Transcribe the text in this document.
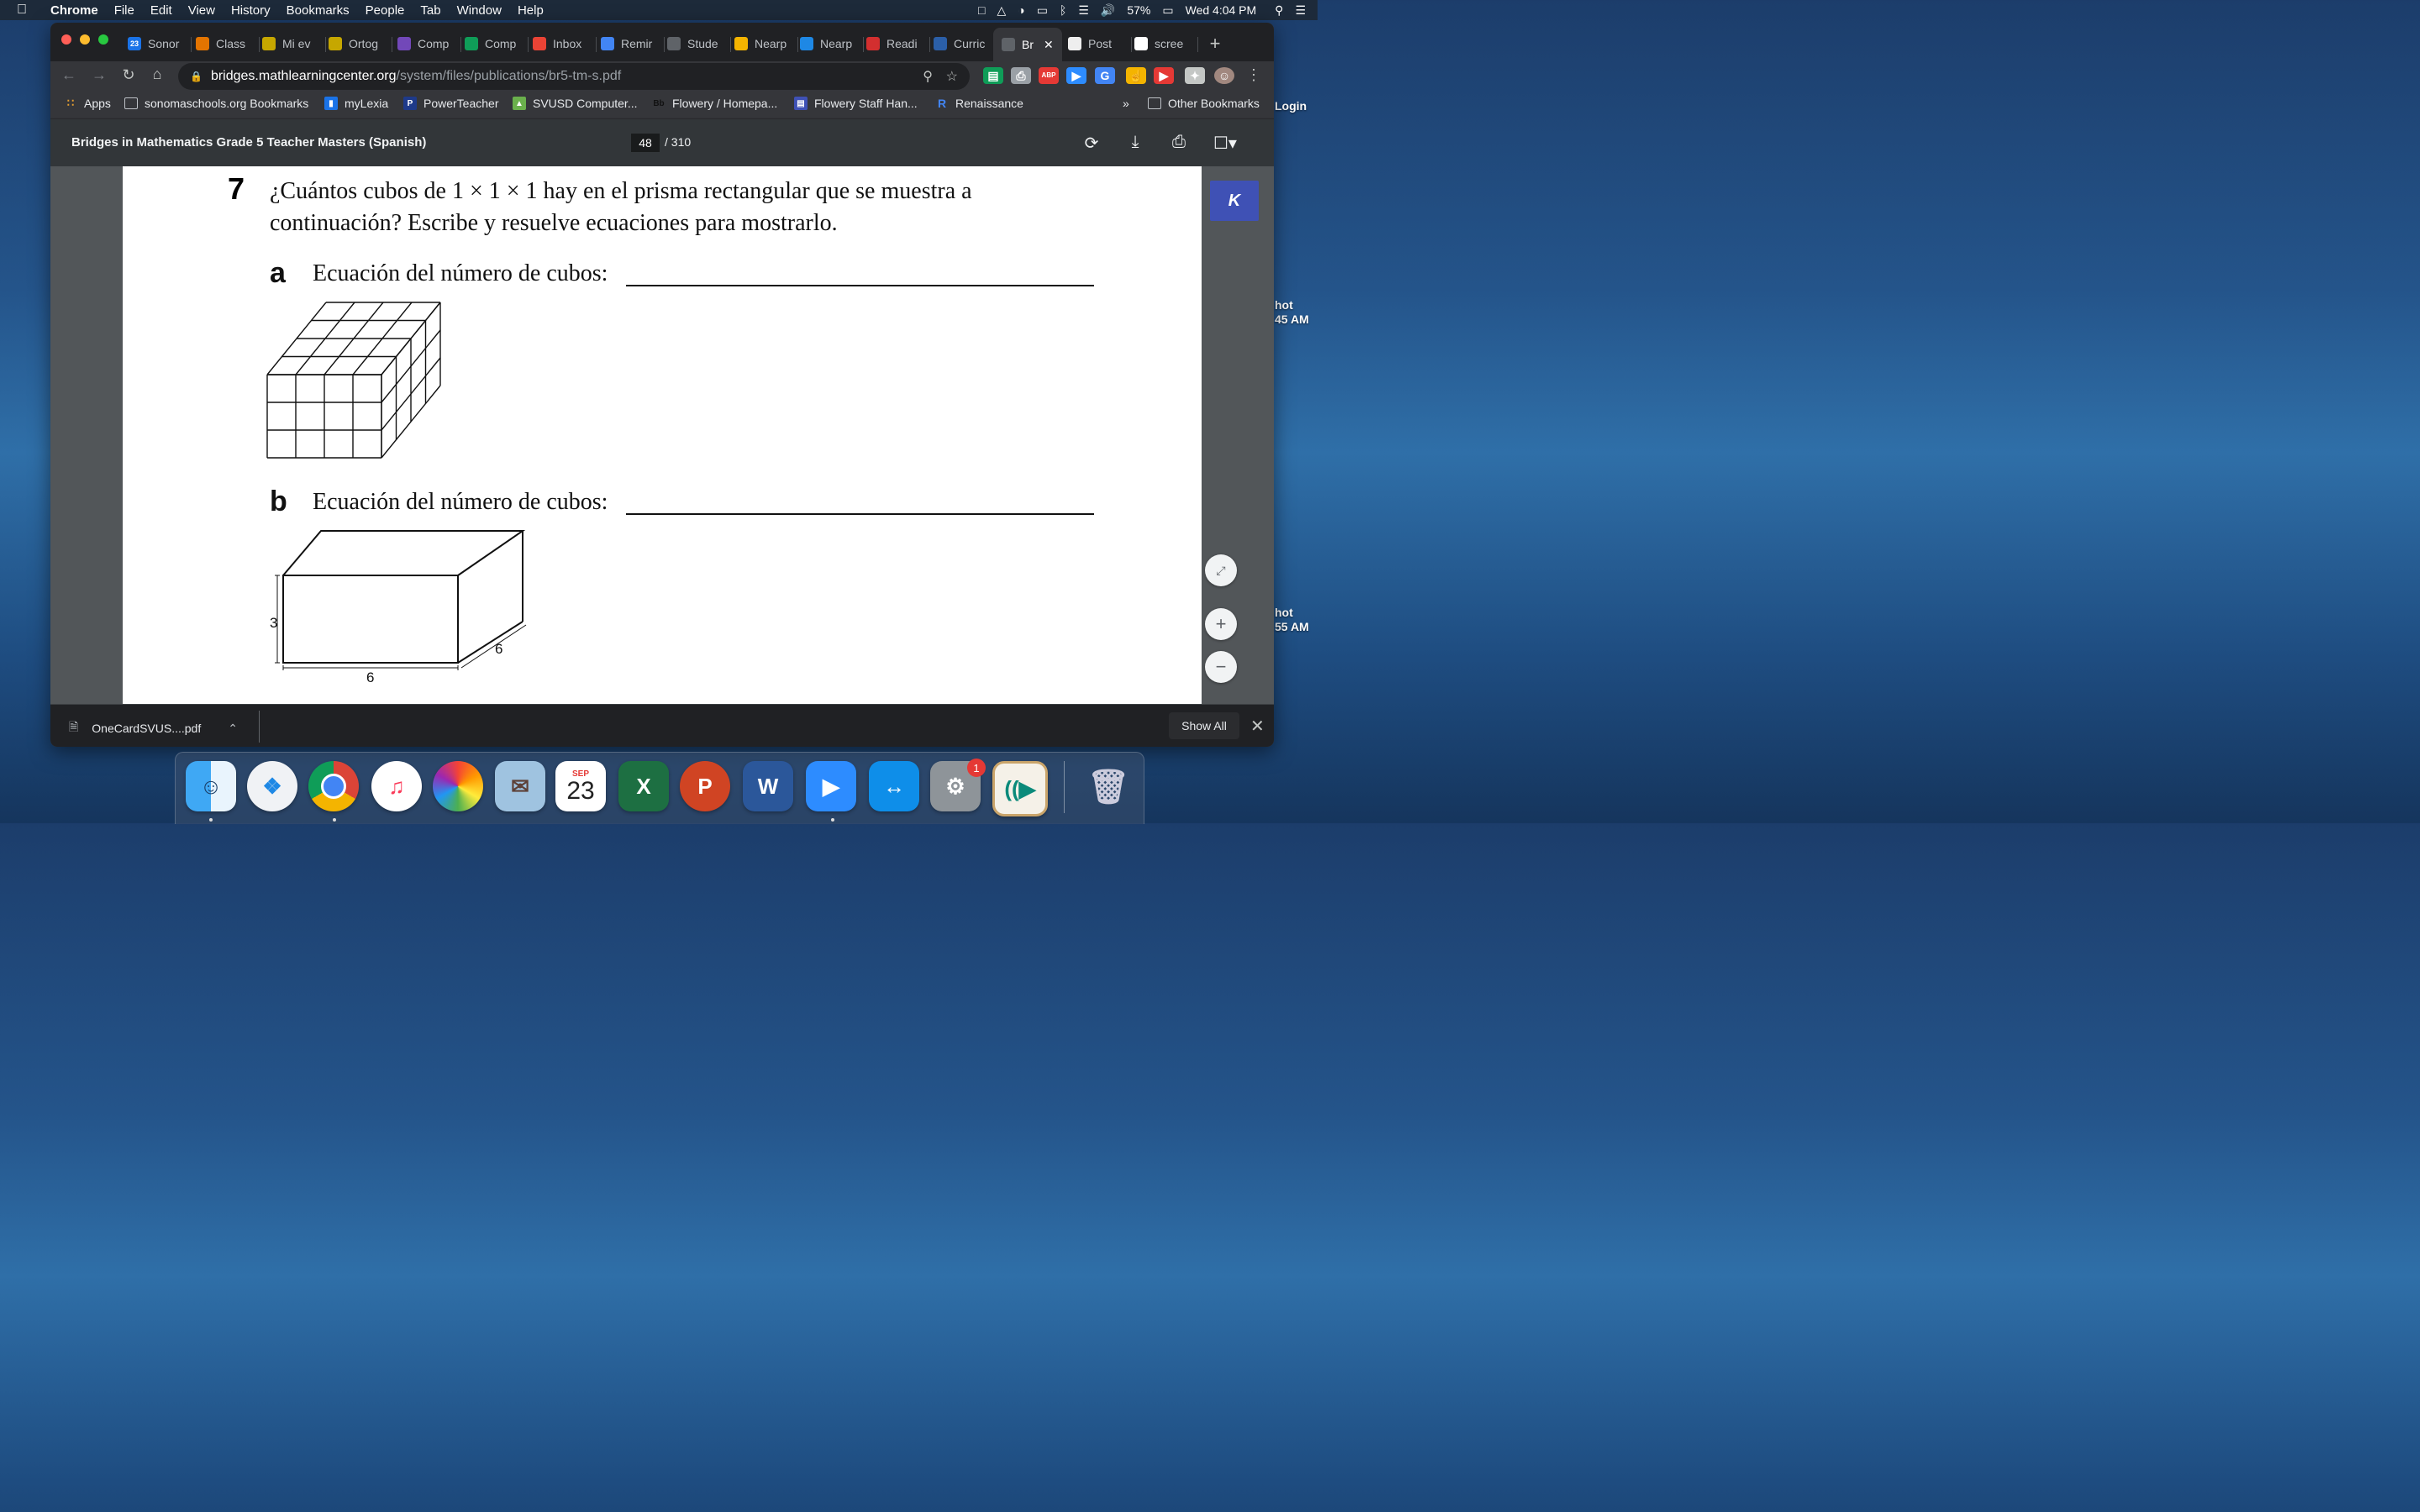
Chrome File Edit View History Bookmarks People Tab Window Help	□ △ ◑ ▭ ᛒ ☰ 🔊 57% ▭ Wed 4:04 PM ⚲ ☰
Login
hot
45 AM
hot
55 AM
23 Sonor	Class	Mi ev	Ortog	Comp	Comp	Inbox	Remir	Stude	Nearp	Nearp	Readi	Curric	Br ✕	Post	scree +
← → ↻	⌂	🔒 bridges.mathlearningcenter.org /system/files/publications/br5-tm-s.pdf	⚲ ☆	▤	⎙	ABP	▶	G	☝	▶	✦	☺ ⋮
∷ Apps	sonomaschools.org Bookmarks	▮ myLexia	P PowerTeacher	▲ SVUSD Computer... Bb Flowery / Homepa...	▤ Flowery Staff Han... R Renaissance	»	Other Bookmarks
Bridges in Mathematics Grade 5 Teacher Masters (Spanish)	48	/ 310	⟳	⤓	⎙ ☐▾
7 ¿Cuántos cubos de 1 × 1 × 1 hay en el prisma rectangular que se muestra a
continuación? Escribe y resuelve ecuaciones para mostrarlo.
a Ecuación del número de cubos:
b Ecuación del número de cubos:
3
6
6
K
⤢
+
−
🗎 OneCardSVUS....pdf ⌃	Show All	✕
☺	❖	♫	✉	SEP
23	X	P	W	▶	↔	⚙
1
((▶	🗑
